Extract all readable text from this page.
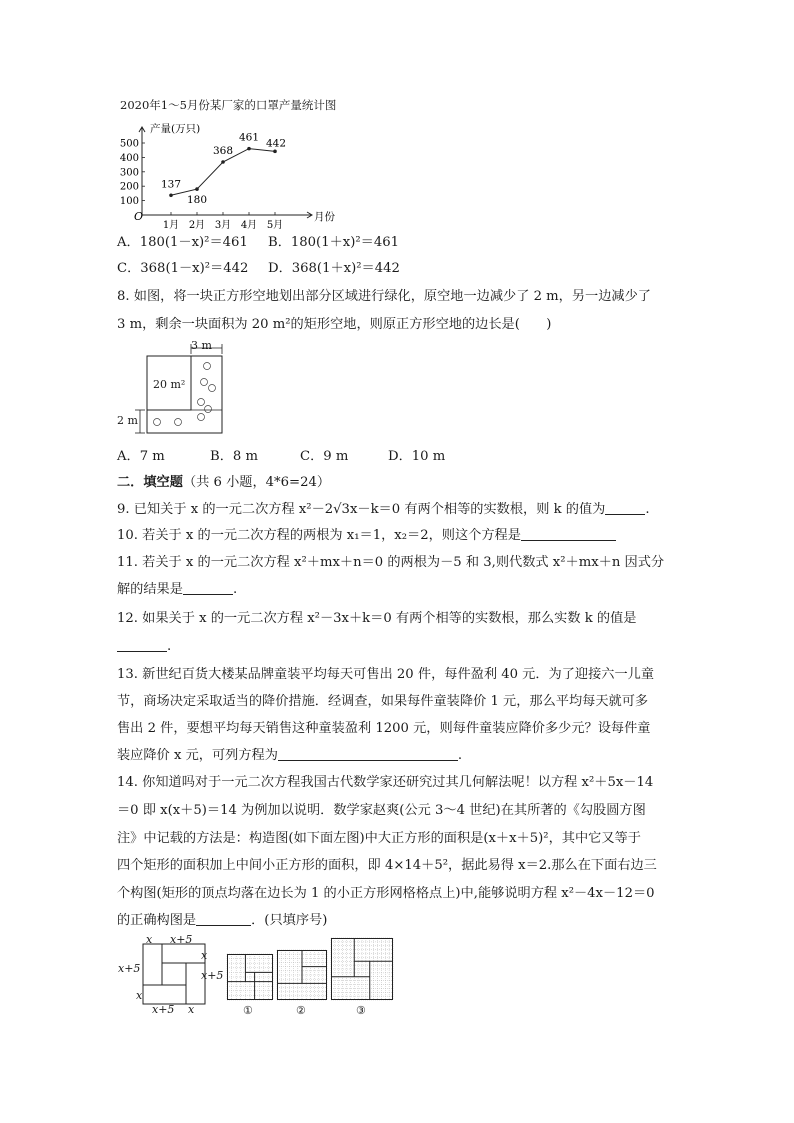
2020年1～5月份某厂家的口罩产量统计图
O
产量(万只)
月份
100
200
300
400
500
1月 2月 3月 4月 5月
137
180
368
461 442
A．180(1－x)²＝461 B．180(1＋x)²＝461
C．368(1－x)²＝442 D．368(1＋x)²＝442
8. 如图，将一块正方形空地划出部分区域进行绿化，原空地一边减少了 2 m，另一边减少了
3 m，剩余一块面积为 20 m²的矩形空地，则原正方形空地的边长是(　　)
3 m
20 m²
2 m
A．7 m	B．8 m	C．9 m	D．10 m
二．填空题（共 6 小题，4*6=24）
9. 已知关于 x 的一元二次方程 x²－2√3x－k＝0 有两个相等的实数根，则 k 的值为	.
10. 若关于 x 的一元二次方程的两根为 x₁＝1，x₂＝2，则这个方程是
11. 若关于 x 的一元二次方程 x²＋mx＋n＝0 的两根为－5 和 3,则代数式 x²＋mx＋n 因式分
解的结果是	.
12. 如果关于 x 的一元二次方程 x²－3x＋k＝0 有两个相等的实数根，那么实数 k 的值是
.
13. 新世纪百货大楼某品牌童装平均每天可售出 20 件，每件盈利 40 元．为了迎接六一儿童
节，商场决定采取适当的降价措施．经调查，如果每件童装降价 1 元，那么平均每天就可多
售出 2 件，要想平均每天销售这种童装盈利 1200 元，则每件童装应降价多少元？设每件童
装应降价 x 元，可列方程为	.
14. 你知道吗对于一元二次方程我国古代数学家还研究过其几何解法呢！以方程 x²＋5x－14
＝0 即 x(x＋5)＝14 为例加以说明．数学家赵爽(公元 3～4 世纪)在其所著的《勾股圆方图
注》中记载的方法是：构造图(如下面左图)中大正方形的面积是(x＋x＋5)²，其中它又等于
四个矩形的面积加上中间小正方形的面积，即 4×14＋5²，据此易得 x＝2.那么在下面右边三
个构图(矩形的顶点均落在边长为 1 的小正方形网格格点上)中,能够说明方程 x²－4x－12＝0
的正确构图是	．(只填序号)
x x+5
x+5
x
x
x+5
x+5 x	①	②	③
